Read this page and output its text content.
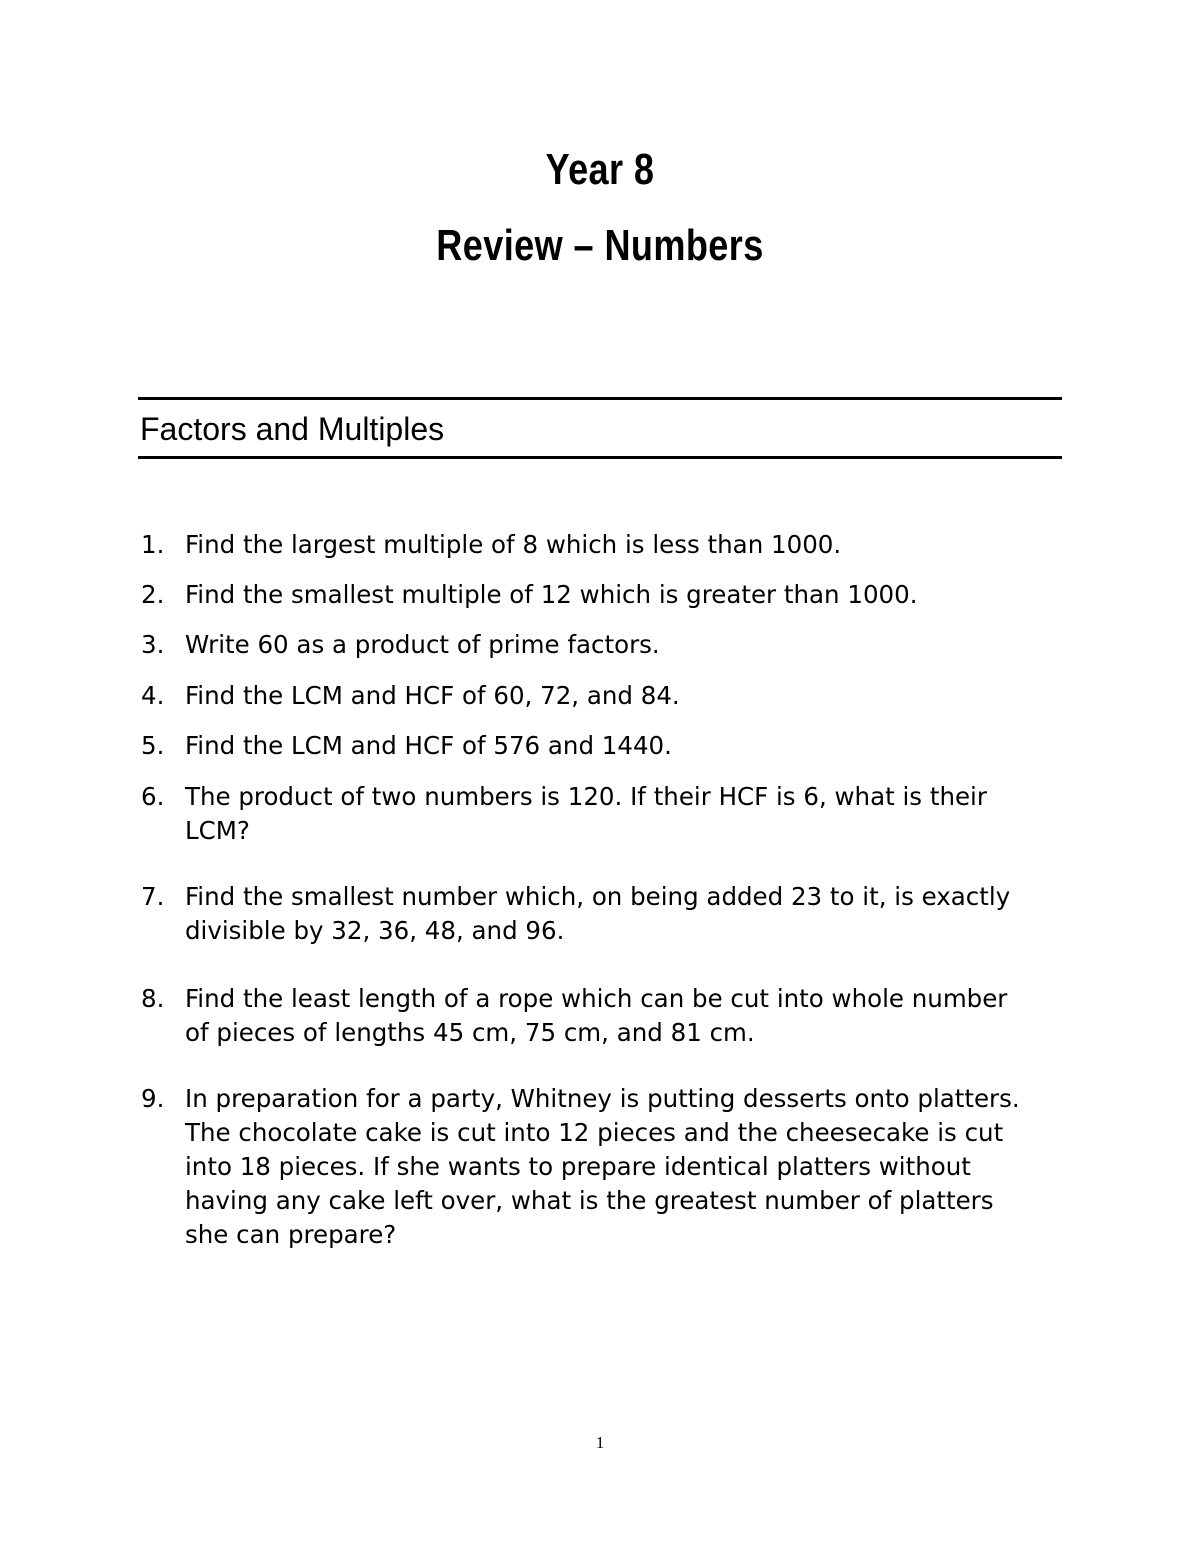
Year 8
Review – Numbers
Factors and Multiples
1. Find the largest multiple of 8 which is less than 1000.
2. Find the smallest multiple of 12 which is greater than 1000.
3. Write 60 as a product of prime factors.
4. Find the LCM and HCF of 60, 72, and 84.
5. Find the LCM and HCF of 576 and 1440.
6. The product of two numbers is 120. If their HCF is 6, what is their LCM?
7. Find the smallest number which, on being added 23 to it, is exactly divisible by 32, 36, 48, and 96.
8. Find the least length of a rope which can be cut into whole number of pieces of lengths 45 cm, 75 cm, and 81 cm.
9. In preparation for a party, Whitney is putting desserts onto platters. The chocolate cake is cut into 12 pieces and the cheesecake is cut into 18 pieces. If she wants to prepare identical platters without having any cake left over, what is the greatest number of platters she can prepare?
1
